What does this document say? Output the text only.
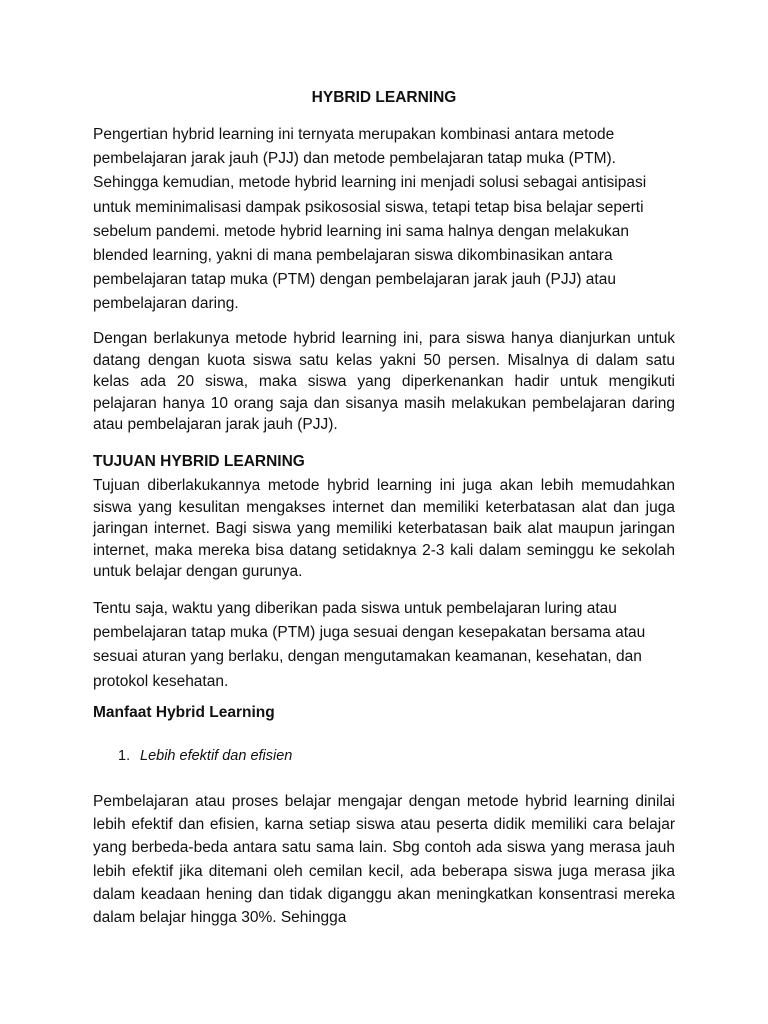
HYBRID LEARNING

Pengertian hybrid learning ini ternyata merupakan kombinasi antara metode pembelajaran jarak jauh (PJJ) dan metode pembelajaran tatap muka (PTM). Sehingga kemudian, metode hybrid learning ini menjadi solusi sebagai antisipasi untuk meminimalisasi dampak psikososial siswa, tetapi tetap bisa belajar seperti sebelum pandemi. metode hybrid learning ini sama halnya dengan melakukan blended learning, yakni di mana pembelajaran siswa dikombinasikan antara pembelajaran tatap muka (PTM) dengan pembelajaran jarak jauh (PJJ) atau pembelajaran daring.

Dengan berlakunya metode hybrid learning ini, para siswa hanya dianjurkan untuk datang dengan kuota siswa satu kelas yakni 50 persen. Misalnya di dalam satu kelas ada 20 siswa, maka siswa yang diperkenankan hadir untuk mengikuti pelajaran hanya 10 orang saja dan sisanya masih melakukan pembelajaran daring atau pembelajaran jarak jauh (PJJ).

TUJUAN HYBRID LEARNING

Tujuan diberlakukannya metode hybrid learning ini juga akan lebih memudahkan siswa yang kesulitan mengakses internet dan memiliki keterbatasan alat dan juga jaringan internet. Bagi siswa yang memiliki keterbatasan baik alat maupun jaringan internet, maka mereka bisa datang setidaknya 2-3 kali dalam seminggu ke sekolah untuk belajar dengan gurunya.

Tentu saja, waktu yang diberikan pada siswa untuk pembelajaran luring atau pembelajaran tatap muka (PTM) juga sesuai dengan kesepakatan bersama atau sesuai aturan yang berlaku, dengan mengutamakan keamanan, kesehatan, dan protokol kesehatan.

Manfaat Hybrid Learning
1. Lebih efektif dan efisien

Pembelajaran atau proses belajar mengajar dengan metode hybrid learning dinilai lebih efektif dan efisien, karna setiap siswa atau peserta didik memiliki cara belajar yang berbeda-beda antara satu sama lain. Sbg contoh ada siswa yang merasa jauh lebih efektif jika ditemani oleh cemilan kecil, ada beberapa siswa juga merasa jika dalam keadaan hening dan tidak diganggu akan meningkatkan konsentrasi mereka dalam belajar hingga 30%. Sehingga
